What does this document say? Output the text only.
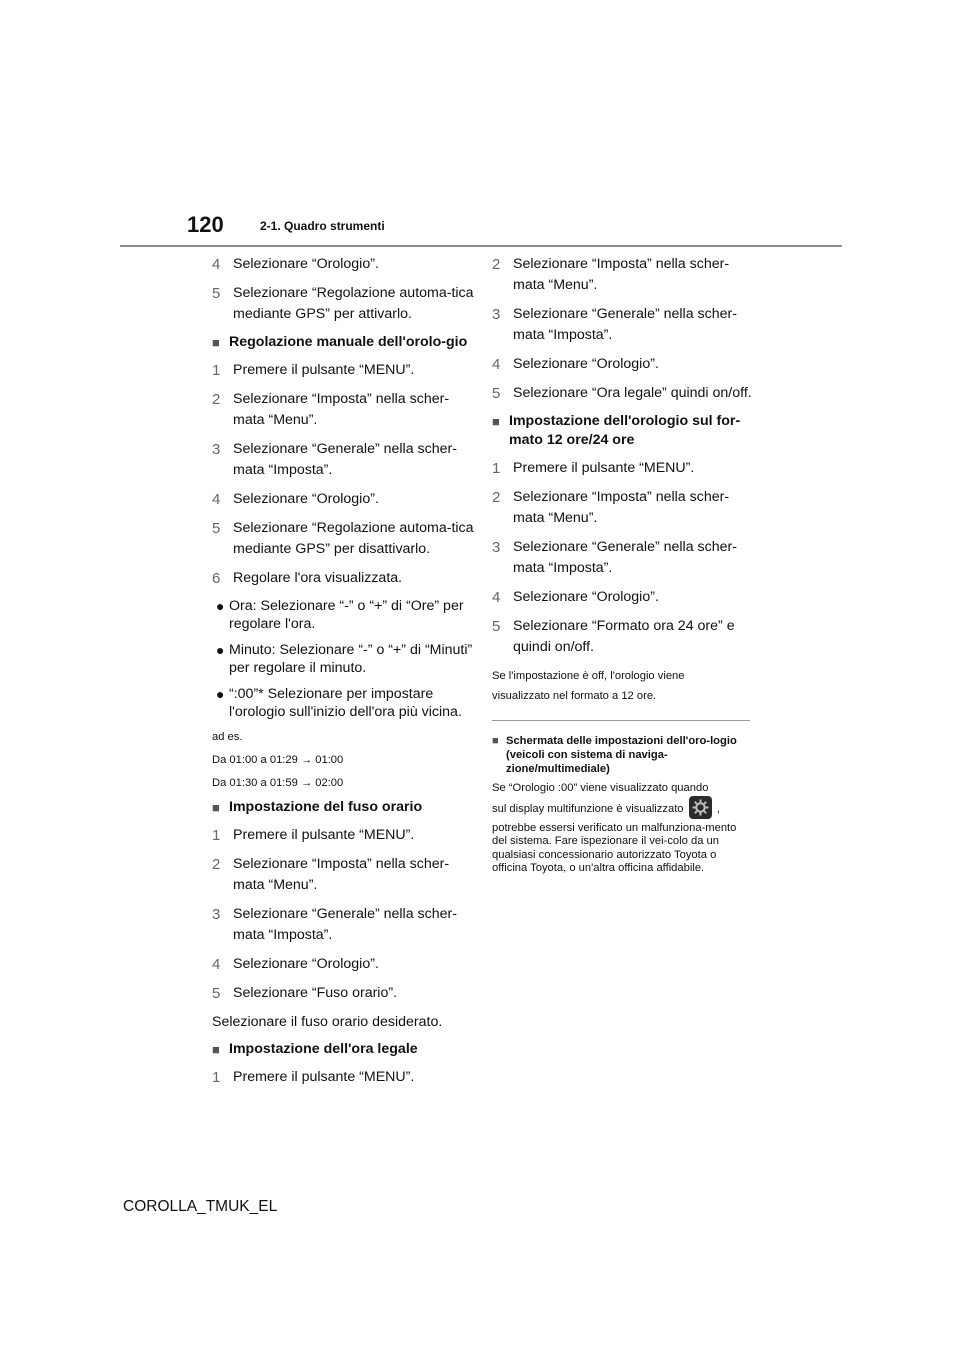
120	2-1. Quadro strumenti
4 Selezionare “Orologio”.
5 Selezionare “Regolazione automa-tica mediante GPS” per attivarlo.
■ Regolazione manuale dell'orolo-gio
1 Premere il pulsante “MENU”.
2 Selezionare “Imposta” nella scher-mata “Menu”.
3 Selezionare “Generale” nella scher-mata “Imposta”.
4 Selezionare “Orologio”.
5 Selezionare “Regolazione automa-tica mediante GPS” per disattivarlo.
6 Regolare l'ora visualizzata.
● Ora: Selezionare “-” o “+” di “Ore” per regolare l'ora.
● Minuto: Selezionare “-” o “+” di “Minuti” per regolare il minuto.
● “:00”* Selezionare per impostare l'orologio sull'inizio dell'ora più vicina.
ad es.
Da 01:00 a 01:29 → 01:00
Da 01:30 a 01:59 → 02:00
■ Impostazione del fuso orario
1 Premere il pulsante “MENU”.
2 Selezionare “Imposta” nella scher-mata “Menu”.
3 Selezionare “Generale” nella scher-mata “Imposta”.
4 Selezionare “Orologio”.
5 Selezionare “Fuso orario”.
Selezionare il fuso orario desiderato.
■ Impostazione dell'ora legale
1 Premere il pulsante “MENU”.
2 Selezionare “Imposta” nella scher-mata “Menu”.
3 Selezionare “Generale” nella scher-mata “Imposta”.
4 Selezionare “Orologio”.
5 Selezionare “Ora legale” quindi on/off.
■ Impostazione dell'orologio sul for-mato 12 ore/24 ore
1 Premere il pulsante “MENU”.
2 Selezionare “Imposta” nella scher-mata “Menu”.
3 Selezionare “Generale” nella scher-mata “Imposta”.
4 Selezionare “Orologio”.
5 Selezionare “Formato ora 24 ore” e quindi on/off.
Se l'impostazione è off, l'orologio viene
visualizzato nel formato a 12 ore.
■ Schermata delle impostazioni dell'oro-logio (veicoli con sistema di naviga-zione/multimediale)
Se “Orologio :00” viene visualizzato quando
sul display multifunzione è visualizzato	,
potrebbe essersi verificato un malfunziona-mento del sistema. Fare ispezionare il vei-colo da un qualsiasi concessionario autorizzato Toyota o officina Toyota, o un'altra officina affidabile.
COROLLA_TMUK_EL
